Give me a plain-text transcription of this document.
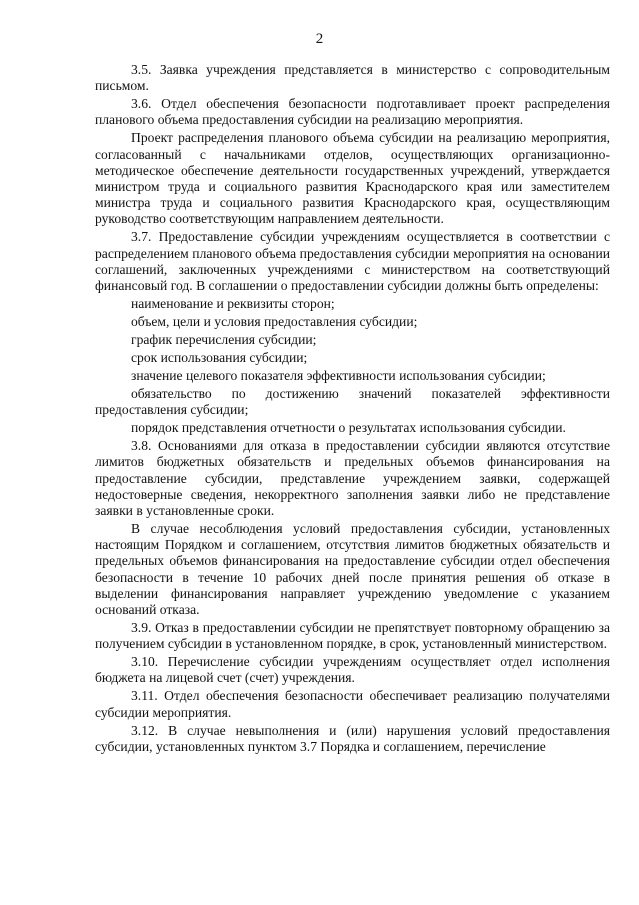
2

3.5. Заявка учреждения представляется в министерство с сопроводительным письмом.

3.6. Отдел обеспечения безопасности подготавливает проект распределения планового объема предоставления субсидии на реализацию мероприятия.

Проект распределения планового объема субсидии на реализацию мероприятия, согласованный с начальниками отделов, осуществляющих организационно-методическое обеспечение деятельности государственных учреждений, утверждается министром труда и социального развития Краснодарского края или заместителем министра труда и социального развития Краснодарского края, осуществляющим руководство соответствующим направлением деятельности.

3.7. Предоставление субсидии учреждениям осуществляется в соответствии с распределением планового объема предоставления субсидии мероприятия на основании соглашений, заключенных учреждениями с министерством на соответствующий финансовый год. В соглашении о предоставлении субсидии должны быть определены:

наименование и реквизиты сторон;
объем, цели и условия предоставления субсидии;
график перечисления субсидии;
срок использования субсидии;
значение целевого показателя эффективности использования субсидии;
обязательство по достижению значений показателей эффективности предоставления субсидии;
порядок представления отчетности о результатах использования субсидии.

3.8. Основаниями для отказа в предоставлении субсидии являются отсутствие лимитов бюджетных обязательств и предельных объемов финансирования на предоставление субсидии, представление учреждением заявки, содержащей недостоверные сведения, некорректного заполнения заявки либо не представление заявки в установленные сроки.

В случае несоблюдения условий предоставления субсидии, установленных настоящим Порядком и соглашением, отсутствия лимитов бюджетных обязательств и предельных объемов финансирования на предоставление субсидии отдел обеспечения безопасности в течение 10 рабочих дней после принятия решения об отказе в выделении финансирования направляет учреждению уведомление с указанием оснований отказа.

3.9. Отказ в предоставлении субсидии не препятствует повторному обращению за получением субсидии в установленном порядке, в срок, установленный министерством.

3.10. Перечисление субсидии учреждениям осуществляет отдел исполнения бюджета на лицевой счет (счет) учреждения.

3.11. Отдел обеспечения безопасности обеспечивает реализацию получателями субсидии мероприятия.

3.12. В случае невыполнения и (или) нарушения условий предоставления субсидии, установленных пунктом 3.7 Порядка и соглашением, перечисление
